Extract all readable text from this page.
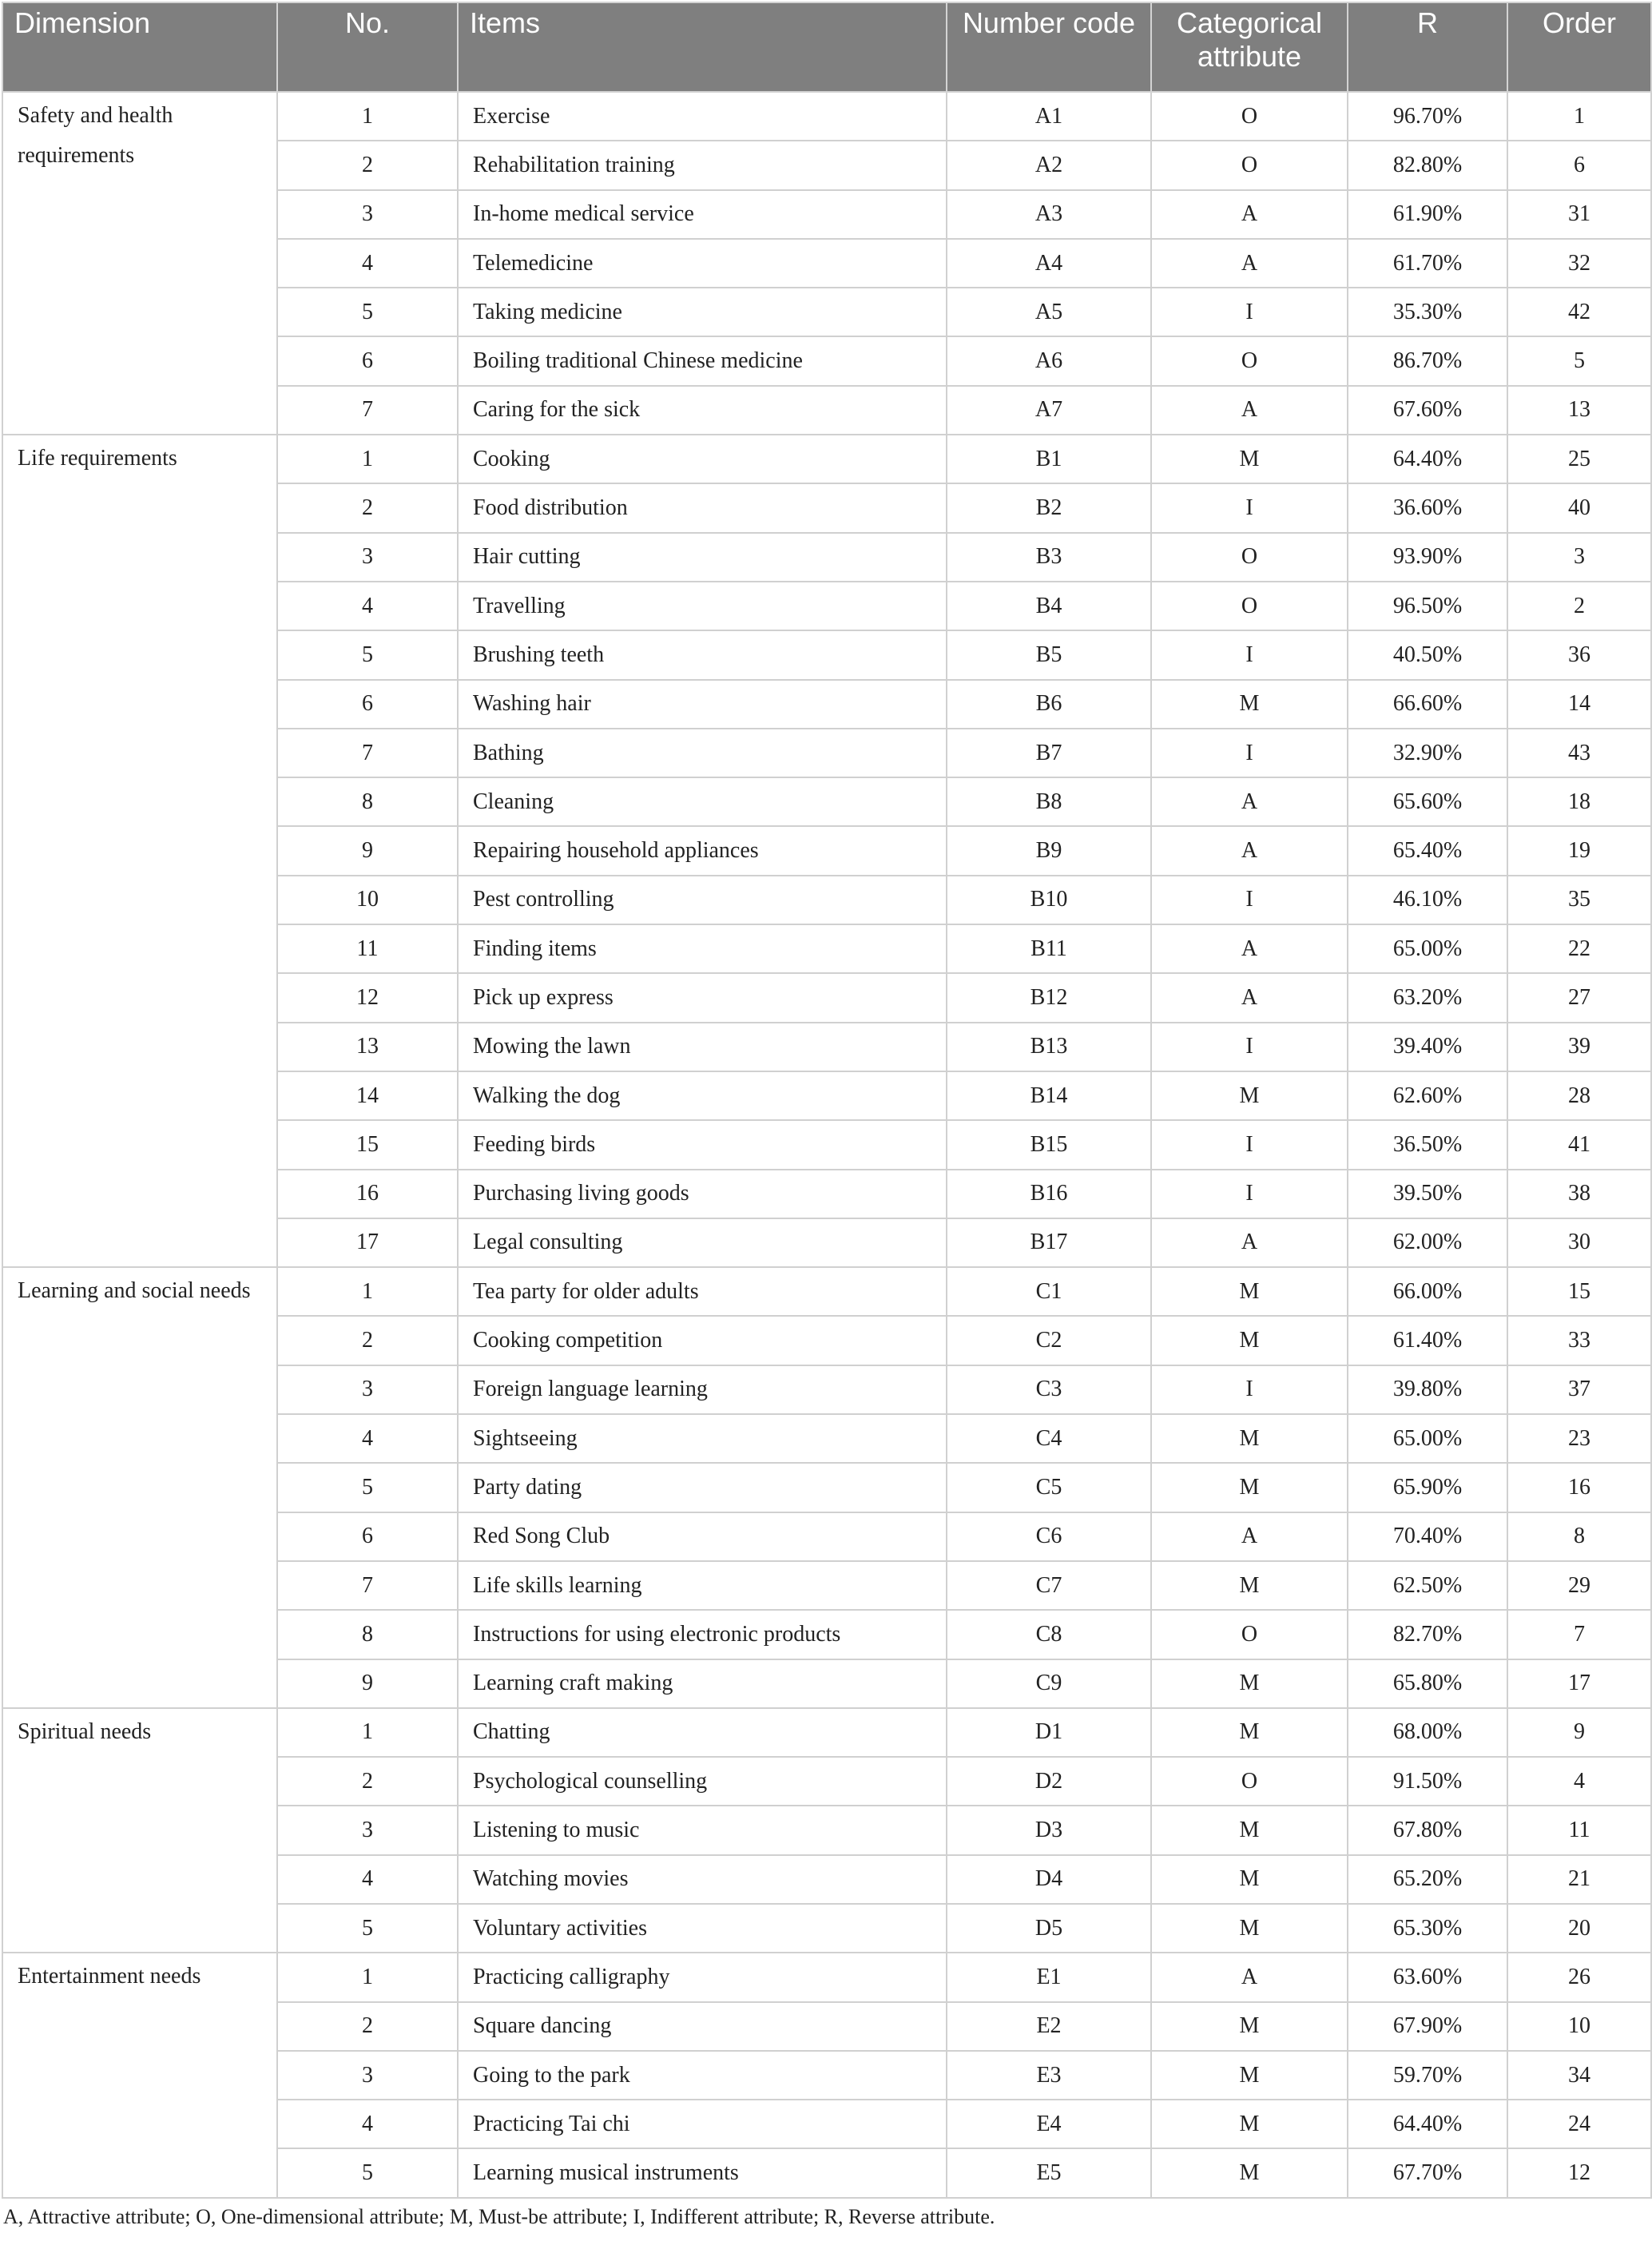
Dimension	No.	Items	Number code	Categorical attribute	R	Order
Safety and health requirements	1	Exercise	A1	O	96.70%	1
	2	Rehabilitation training	A2	O	82.80%	6
	3	In-home medical service	A3	A	61.90%	31
	4	Telemedicine	A4	A	61.70%	32
	5	Taking medicine	A5	I	35.30%	42
	6	Boiling traditional Chinese medicine	A6	O	86.70%	5
	7	Caring for the sick	A7	A	67.60%	13
Life requirements	1	Cooking	B1	M	64.40%	25
	2	Food distribution	B2	I	36.60%	40
	3	Hair cutting	B3	O	93.90%	3
	4	Travelling	B4	O	96.50%	2
	5	Brushing teeth	B5	I	40.50%	36
	6	Washing hair	B6	M	66.60%	14
	7	Bathing	B7	I	32.90%	43
	8	Cleaning	B8	A	65.60%	18
	9	Repairing household appliances	B9	A	65.40%	19
	10	Pest controlling	B10	I	46.10%	35
	11	Finding items	B11	A	65.00%	22
	12	Pick up express	B12	A	63.20%	27
	13	Mowing the lawn	B13	I	39.40%	39
	14	Walking the dog	B14	M	62.60%	28
	15	Feeding birds	B15	I	36.50%	41
	16	Purchasing living goods	B16	I	39.50%	38
	17	Legal consulting	B17	A	62.00%	30
Learning and social needs	1	Tea party for older adults	C1	M	66.00%	15
	2	Cooking competition	C2	M	61.40%	33
	3	Foreign language learning	C3	I	39.80%	37
	4	Sightseeing	C4	M	65.00%	23
	5	Party dating	C5	M	65.90%	16
	6	Red Song Club	C6	A	70.40%	8
	7	Life skills learning	C7	M	62.50%	29
	8	Instructions for using electronic products	C8	O	82.70%	7
	9	Learning craft making	C9	M	65.80%	17
Spiritual needs	1	Chatting	D1	M	68.00%	9
	2	Psychological counselling	D2	O	91.50%	4
	3	Listening to music	D3	M	67.80%	11
	4	Watching movies	D4	M	65.20%	21
	5	Voluntary activities	D5	M	65.30%	20
Entertainment needs	1	Practicing calligraphy	E1	A	63.60%	26
	2	Square dancing	E2	M	67.90%	10
	3	Going to the park	E3	M	59.70%	34
	4	Practicing Tai chi	E4	M	64.40%	24
	5	Learning musical instruments	E5	M	67.70%	12
A, Attractive attribute; O, One-dimensional attribute; M, Must-be attribute; I, Indifferent attribute; R, Reverse attribute.
